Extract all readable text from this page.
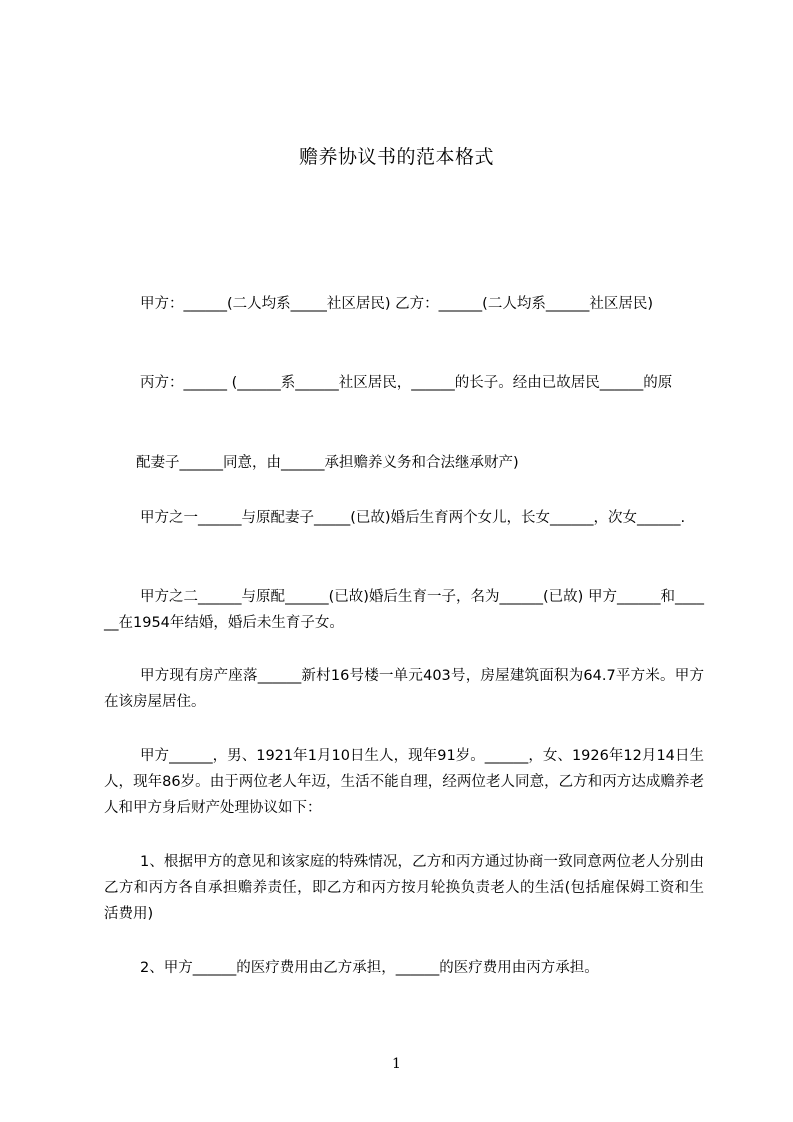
赡养协议书的范本格式

甲方：______(二人均系_____社区居民) 乙方：______(二人均系______社区居民)

丙方：______ (______系______社区居民，______的长子。经由已故居民______的原

配妻子______同意，由______承担赡养义务和合法继承财产)

甲方之一______与原配妻子_____(已故)婚后生育两个女儿，长女______，次女______.

甲方之二______与原配______(已故)婚后生育一子，名为______(已故) 甲方______和______在1954年结婚，婚后未生育子女。

甲方现有房产座落______新村16号楼一单元403号，房屋建筑面积为64.7平方米。甲方在该房屋居住。

甲方______，男、1921年1月10日生人，现年91岁。______，女、1926年12月14日生人，现年86岁。由于两位老人年迈，生活不能自理，经两位老人同意，乙方和丙方达成赡养老人和甲方身后财产处理协议如下：

1、根据甲方的意见和该家庭的特殊情况，乙方和丙方通过协商一致同意两位老人分别由乙方和丙方各自承担赡养责任，即乙方和丙方按月轮换负责老人的生活(包括雇保姆工资和生活费用)

2、甲方______的医疗费用由乙方承担，______的医疗费用由丙方承担。

1
